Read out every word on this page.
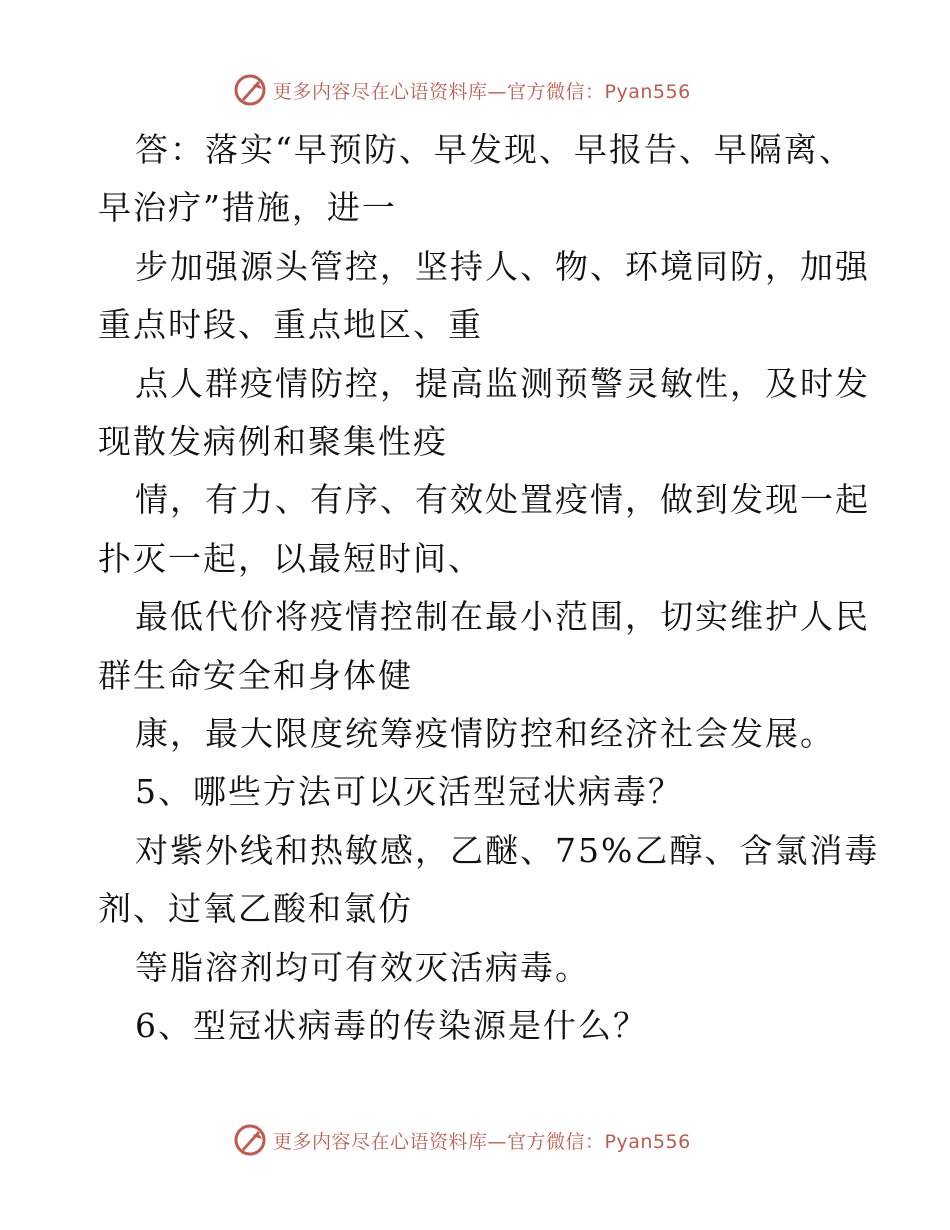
更多内容尽在心语资料库—官方微信：Pyan556
答：落实“早预防、早发现、早报告、早隔离、
早治疗”措施，进一
步加强源头管控，坚持人、物、环境同防，加强
重点时段、重点地区、重
点人群疫情防控，提高监测预警灵敏性，及时发
现散发病例和聚集性疫
情，有力、有序、有效处置疫情，做到发现一起
扑灭一起，以最短时间、
最低代价将疫情控制在最小范围，切实维护人民
群生命安全和身体健
康，最大限度统筹疫情防控和经济社会发展。
5、哪些方法可以灭活型冠状病毒？
对紫外线和热敏感，乙醚、75%乙醇、含氯消毒
剂、过氧乙酸和氯仿
等脂溶剂均可有效灭活病毒。
6、型冠状病毒的传染源是什么？
更多内容尽在心语资料库—官方微信：Pyan556
